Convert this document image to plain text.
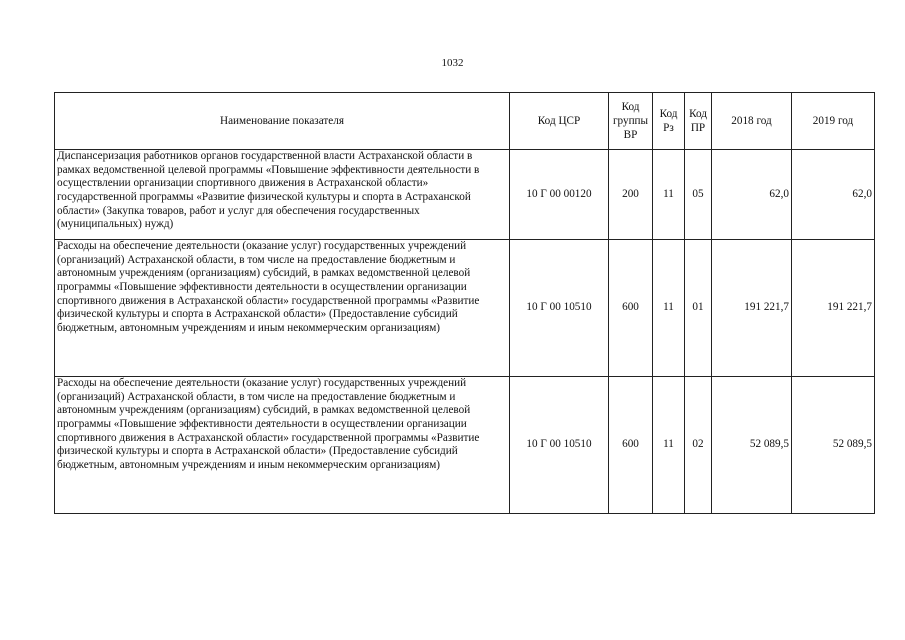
1032
Наименование показателя	Код ЦСР	Код группы ВР	Код Рз	Код ПР	2018 год	2019 год
Диспансеризация работников органов государственной власти Астраханской области в рамках ведомственной целевой программы «Повышение эффективности деятельности в осуществлении организации спортивного движения в Астраханской области» государственной программы «Развитие физической культуры и спорта в Астраханской области» (Закупка товаров, работ и услуг для обеспечения государственных (муниципальных) нужд)	10 Г 00 00120	200	11	05	62,0	62,0
Расходы на обеспечение деятельности (оказание услуг) государственных учреждений (организаций) Астраханской области, в том числе на предоставление бюджетным и автономным учреждениям (организациям) субсидий, в рамках ведомственной целевой программы «Повышение эффективности деятельности в осуществлении организации спортивного движения в Астраханской области» государственной программы «Развитие физической культуры и спорта в Астраханской области» (Предоставление субсидий бюджетным, автономным учреждениям и иным некоммерческим организациям)	10 Г 00 10510	600	11	01	191 221,7	191 221,7
Расходы на обеспечение деятельности (оказание услуг) государственных учреждений (организаций) Астраханской области, в том числе на предоставление бюджетным и автономным учреждениям (организациям) субсидий, в рамках ведомственной целевой программы «Повышение эффективности деятельности в осуществлении организации спортивного движения в Астраханской области» государственной программы «Развитие физической культуры и спорта в Астраханской области» (Предоставление субсидий бюджетным, автономным учреждениям и иным некоммерческим организациям)	10 Г 00 10510	600	11	02	52 089,5	52 089,5
